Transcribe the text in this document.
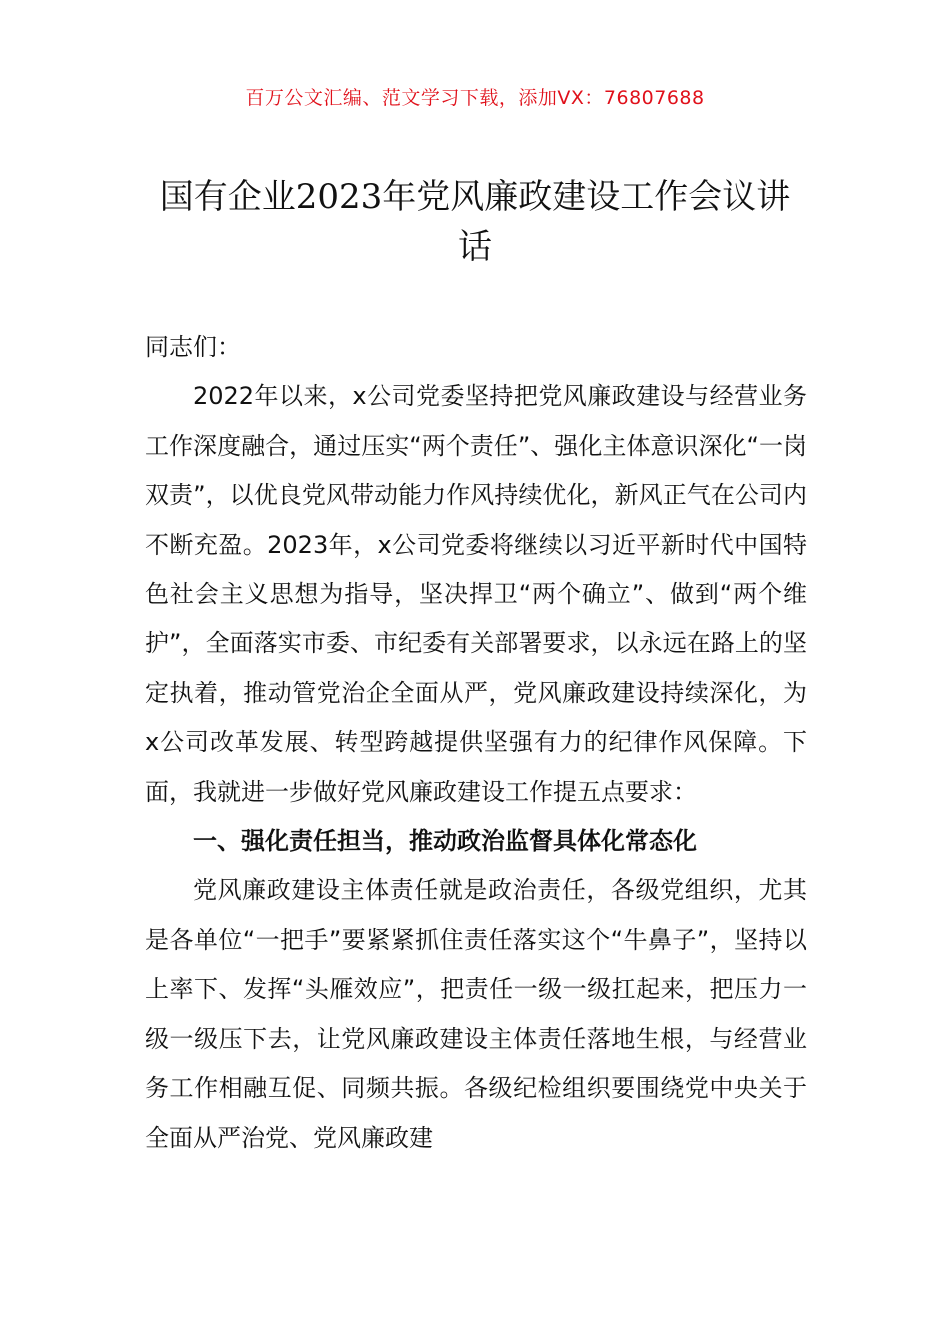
百万公文汇编、范文学习下载，添加VX：76807688
国有企业2023年党风廉政建设工作会议讲话

同志们：

2022年以来，x公司党委坚持把党风廉政建设与经营业务工作深度融合，通过压实“两个责任”、强化主体意识深化“一岗双责”，以优良党风带动能力作风持续优化，新风正气在公司内不断充盈。2023年，x公司党委将继续以习近平新时代中国特色社会主义思想为指导，坚决捍卫“两个确立”、做到“两个维护”，全面落实市委、市纪委有关部署要求，以永远在路上的坚定执着，推动管党治企全面从严，党风廉政建设持续深化，为x公司改革发展、转型跨越提供坚强有力的纪律作风保障。下面，我就进一步做好党风廉政建设工作提五点要求：

一、强化责任担当，推动政治监督具体化常态化

党风廉政建设主体责任就是政治责任，各级党组织，尤其是各单位“一把手”要紧紧抓住责任落实这个“牛鼻子”，坚持以上率下、发挥“头雁效应”，把责任一级一级扛起来，把压力一级一级压下去，让党风廉政建设主体责任落地生根，与经营业务工作相融互促、同频共振。各级纪检组织要围绕党中央关于全面从严治党、党风廉政建
